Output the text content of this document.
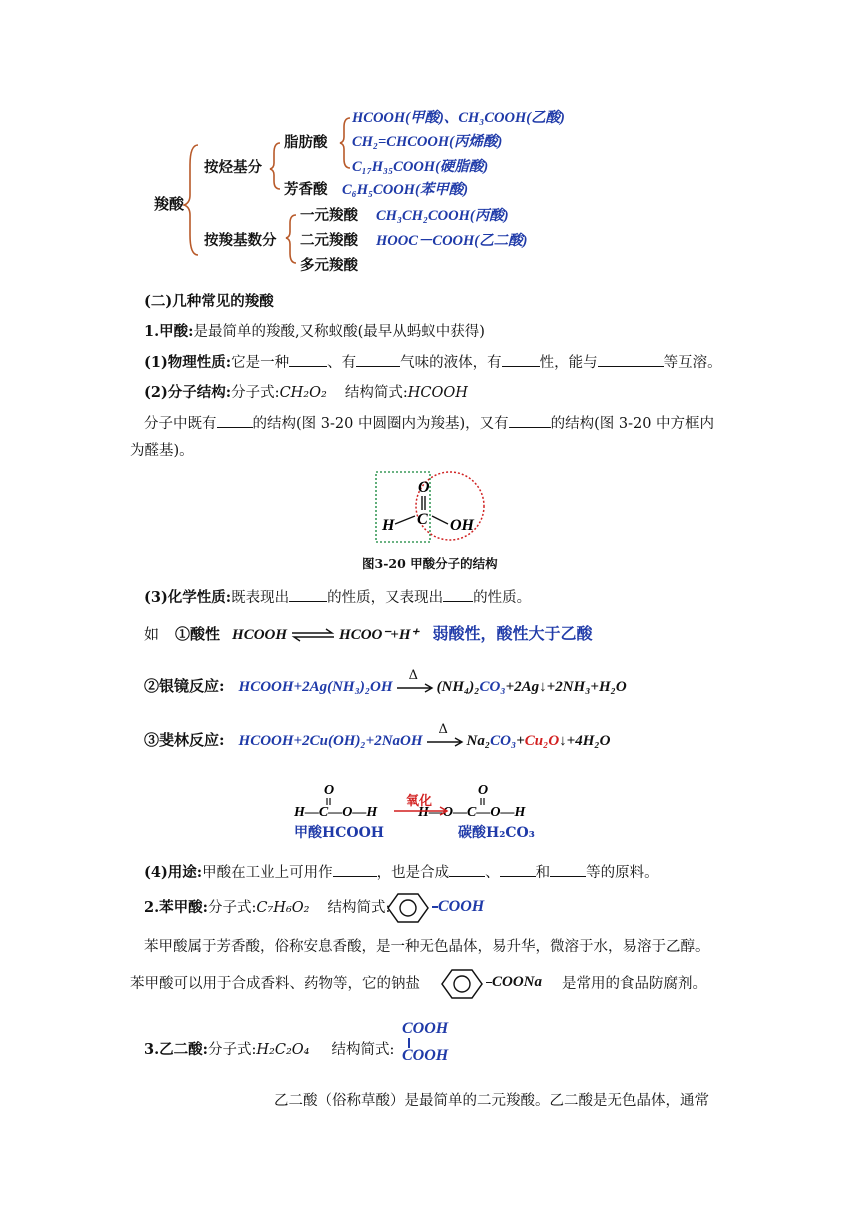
羧酸
按烃基分
脂肪酸
HCOOH(甲酸)、CH₃COOH(乙酸)
CH₂=CHCOOH(丙烯酸)
C₁₇H₃₅COOH(硬脂酸)
芳香酸 C₆H₅COOH(苯甲酸)
按羧基数分
一元羧酸 CH₃CH₂COOH(丙酸)
二元羧酸 HOOC－COOH(乙二酸)
多元羧酸
(二)几种常见的羧酸
1.甲酸:是最简单的羧酸,又称蚁酸(最早从蚂蚁中获得)
(1)物理性质:它是一种	、有	气味的液体，有	性，能与	等互溶。
(2)分子结构:分子式:CH₂O₂ 结构简式:HCOOH
分子中既有 的结构(图 3-20 中圆圈内为羧基)，又有	的结构(图 3-20 中方框内
为醛基)。
O
C
H	OH
图3-20 甲酸分子的结构
(3)化学性质:既表现出	的性质，又表现出 的性质。
如 ①酸性 HCOOH ⇌ HCOO⁻+H⁺ 弱酸性，酸性大于乙酸
②银镜反应: HCOOH+2Ag(NH₃)₂OH
Δ
(NH₄)₂CO₃+2Ag↓+2NH₃+H₂O
③斐林反应: HCOOH+2Cu(OH)₂+2NaOH
Δ
Na₂CO₃+Cu₂O↓+4H₂O
O
H—C—O—H
O
H—O—C—O—H
氧化
甲酸HCOOH	碳酸H₂CO₃
(4)用途:甲酸在工业上可用作	，也是合成 、 和 等的原料。
2.苯甲酸:分子式:C₇H₆O₂ 结构简式:	COOH
苯甲酸属于芳香酸，俗称安息香酸，是一种无色晶体，易升华，微溶于水，易溶于乙醇。
苯甲酸可以用于合成香料、药物等，它的钠盐	COONa 是常用的食品防腐剂。
3.乙二酸:分子式:H₂C₂O₄ 结构简式:
COOH
COOH
乙二酸（俗称草酸）是最简单的二元羧酸。乙二酸是无色晶体，通常
